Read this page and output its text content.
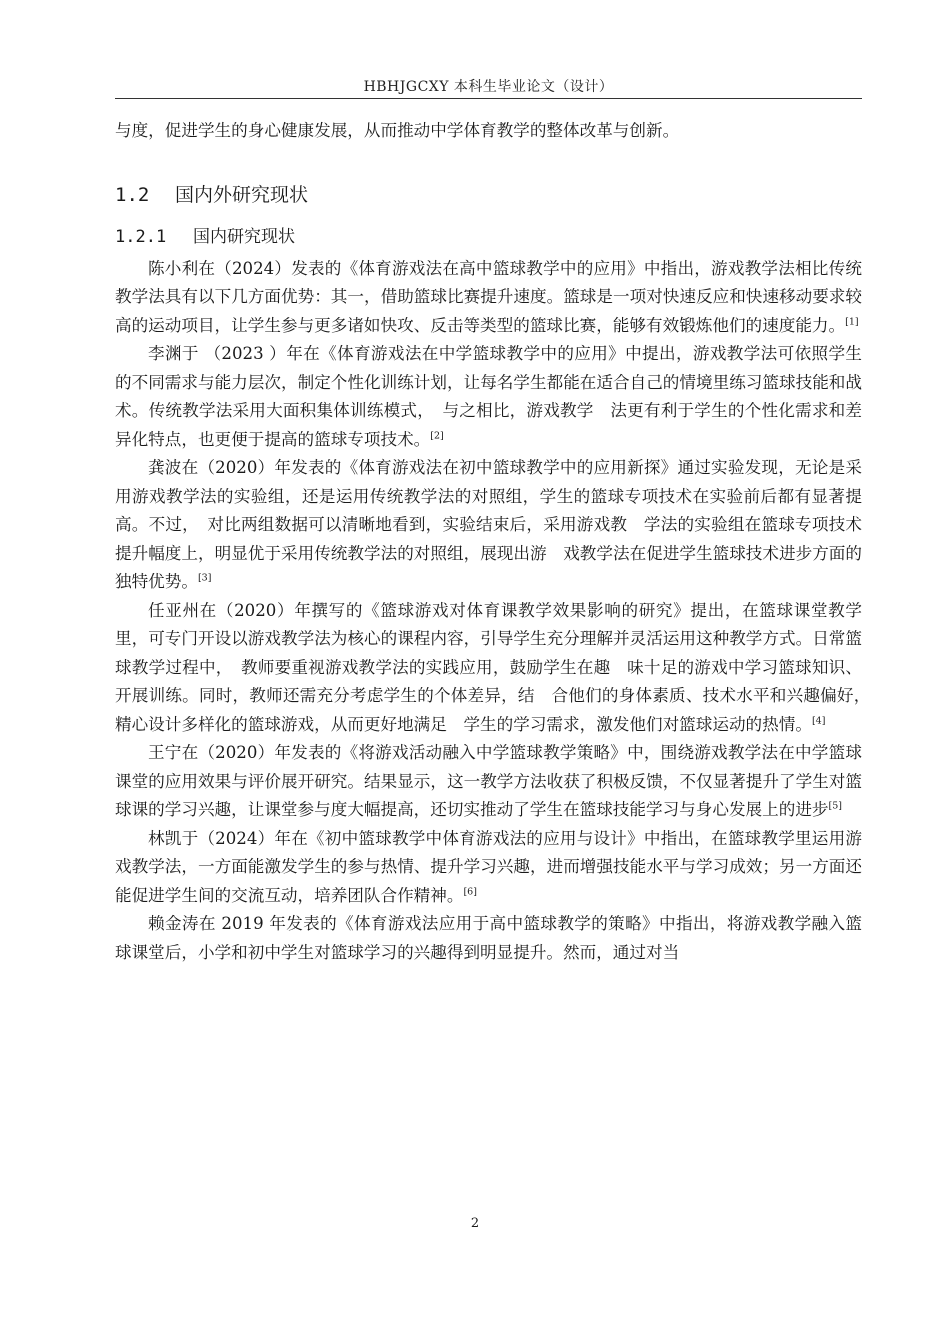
HBHJGCXY 本科生毕业论文（设计）

与度，促进学生的身心健康发展，从而推动中学体育教学的整体改革与创新。

1.2 国内外研究现状
1.2.1 国内研究现状

陈小利在（2024）发表的《体育游戏法在高中篮球教学中的应用》中指出，游戏教学法相比传统教学法具有以下几方面优势：其一，借助篮球比赛提升速度。篮球是一项对快速反应和快速移动要求较高的运动项目，让学生参与更多诸如快攻、反击等类型的篮球比赛，能够有效锻炼他们的速度能力。[1]

李渊于 （2023 ）年在《体育游戏法在中学篮球教学中的应用》中提出，游戏教学法可依照学生的不同需求与能力层次，制定个性化训练计划，让每名学生都能在适合自己的情境里练习篮球技能和战术。传统教学法采用大面积集体训练模式，　与之相比，游戏教学　法更有利于学生的个性化需求和差异化特点，也更便于提高的篮球专项技术。[2]

龚波在（2020）年发表的《体育游戏法在初中篮球教学中的应用新探》通过实验发现，无论是采用游戏教学法的实验组，还是运用传统教学法的对照组，学生的篮球专项技术在实验前后都有显著提高。不过，　对比两组数据可以清晰地看到，实验结束后，采用游戏教　学法的实验组在篮球专项技术提升幅度上，明显优于采用传统教学法的对照组，展现出游　戏教学法在促进学生篮球技术进步方面的独特优势。[3]

任亚州在（2020）年撰写的《篮球游戏对体育课教学效果影响的研究》提出，在篮球课堂教学里，可专门开设以游戏教学法为核心的课程内容，引导学生充分理解并灵活运用这种教学方式。日常篮球教学过程中，　教师要重视游戏教学法的实践应用，鼓励学生在趣　味十足的游戏中学习篮球知识、开展训练。同时，教师还需充分考虑学生的个体差异，结　合他们的身体素质、技术水平和兴趣偏好，　精心设计多样化的篮球游戏，从而更好地满足　学生的学习需求，激发他们对篮球运动的热情。[4]

王宁在（2020）年发表的《将游戏活动融入中学篮球教学策略》中，围绕游戏教学法在中学篮球课堂的应用效果与评价展开研究。结果显示，这一教学方法收获了积极反馈，不仅显著提升了学生对篮球课的学习兴趣，让课堂参与度大幅提高，还切实推动了学生在篮球技能学习与身心发展上的进步[5]

林凯于（2024）年在《初中篮球教学中体育游戏法的应用与设计》中指出，在篮球教学里运用游戏教学法，一方面能激发学生的参与热情、提升学习兴趣，进而增强技能水平与学习成效；另一方面还能促进学生间的交流互动，培养团队合作精神。[6]

赖金涛在 2019 年发表的《体育游戏法应用于高中篮球教学的策略》中指出，将游戏教学融入篮球课堂后，小学和初中学生对篮球学习的兴趣得到明显提升。然而，通过对当

2
